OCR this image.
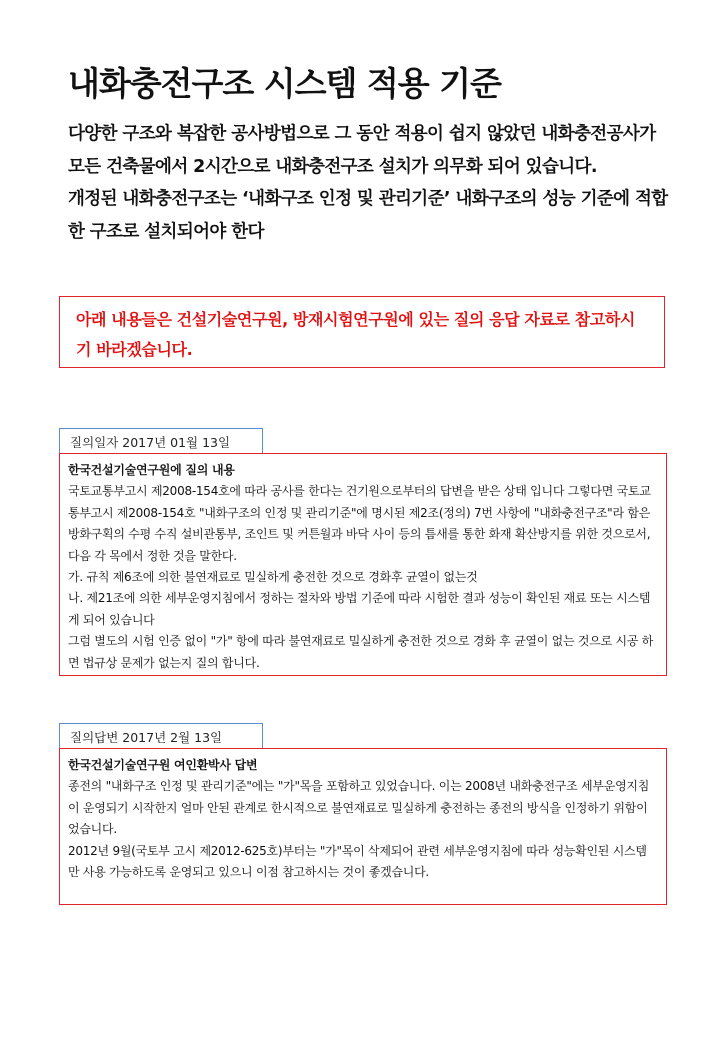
내화충전구조 시스템 적용 기준

다양한 구조와 복잡한 공사방법으로 그 동안 적용이 쉽지 않았던 내화충전공사가 모든 건축물에서 2시간으로 내화충전구조 설치가 의무화 되어 있습니다.

개정된 내화충전구조는 ‘내화구조 인정 및 관리기준’ 내화구조의 성능 기준에 적합한 구조로 설치되어야 한다

아래 내용들은 건설기술연구원, 방재시험연구원에 있는 질의 응답 자료로 참고하시기 바라겠습니다.
질의일자 2017년 01월 13일

한국건설기술연구원에 질의 내용

국토교통부고시 제2008-154호에 따라 공사를 한다는 건기원으로부터의 답변을 받은 상태 입니다 그렇다면 국토교통부고시 제2008-154호 "내화구조의 인정 및 관리기준"에 명시된 제2조(정의) 7번 사항에 "내화충전구조"라 함은 방화구획의 수평 수직 설비관통부, 조인트 및 커튼월과 바닥 사이 등의 틈새를 통한 화재 확산방지를 위한 것으로서, 다음 각 목에서 정한 것을 말한다.

가. 규칙 제6조에 의한 불연재료로 밀실하게 충전한 것으로 경화후 균열이 없는것

나. 제21조에 의한 세부운영지침에서 정하는 절차와 방법 기준에 따라 시험한 결과 성능이 확인된 재료 또는 시스템 게 되어 있습니다

그럼 별도의 시험 인증 없이 "가" 항에 따라 불연재료로 밀실하게 충전한 것으로 경화 후 균열이 없는 것으로 시공 하면 법규상 문제가 없는지 질의 합니다.

질의답변 2017년 2월 13일

한국건설기술연구원 여인환박사 답변

종전의 "내화구조 인정 및 관리기준"에는 "가"목을 포함하고 있었습니다. 이는 2008년 내화충전구조 세부운영지침이 운영되기 시작한지 얼마 안된 관계로 한시적으로 불연재료로 밀실하게 충전하는 종전의 방식을 인정하기 위함이었습니다.

2012년 9월(국토부 고시 제2012-625호)부터는 "가"목이 삭제되어 관련 세부운영지침에 따라 성능확인된 시스템만 사용 가능하도록 운영되고 있으니 이점 참고하시는 것이 좋겠습니다.
